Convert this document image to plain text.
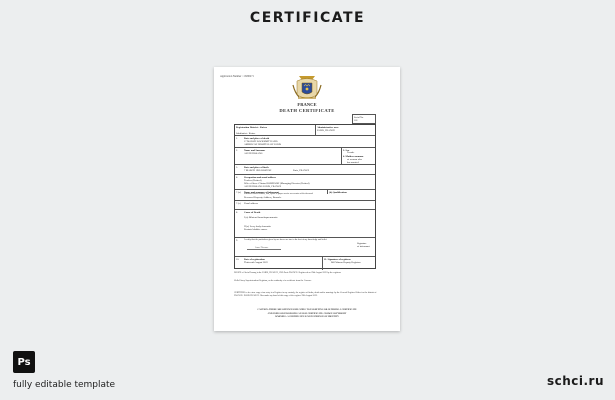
CERTIFICATE
Application Number : 15280271
FRANCE
DEATH CERTIFICATE
Serial No.
101
Registration District : Kaiser	Administrative area
PARIS, FRANCE
Subdistrict : Kaiser
1. Date and place of death
17 MARCH LOCKSMITH AND
AMERICAN HOSPITAL OF PARIS
2. Name and Surname
ALVIN HOSANG
3. Sex
Female
4. Maiden surname
of woman who
has married
5. Date and place of birth
7 MARCH 1985 BOSTON	Paris, FRANCE
6. Occupation and usual address
Teacher (Retired)
Wife of Steve Clinton ROBINSON (Managing Director (Retired)
ALVIN HOSANG PARIS, FRANCE
7.(a) Name and surname of informant
Elizabeth Edwin Hudson, Son, Spoke at prayer service as executor of the deceased
Deceased Property Address, Brussels
(b) Qualification
7.(c) Usual address
8. Cause of Death
I (a) Bilateral bronchopneumonia
II (a) Lewy body dementia
Prostate bladder cancer
9.	I certify that the particulars given by me above are true to the best of my knowledge and belief
Jane Thomas
Signature
of informant
10. Date of registration
Thirteenth August 2022
11. Signature of registrar
Bill Watson Deputy Registrar
DEATH of Alvin Hosang in the PARIS, FRANCE, 1985 Paris FRANCE. Registered on 29th August 2022 by the registrar.
Wells Priory Superintendent Registrar, on the authority of a certificate from the Coroner.
CERTIFIED to be a true copy of an entry in a Register in my custody, the register of births, death and/or marriage by the General Register Office for the district of FRANCE. PARIS FRANCE. Hereunder my hand of this copy of the register 29th August 2022.
CAUTION: THERE ARE OFFENCES RELATING TO FALSIFYING OR ALTERING A CERTIFICATE
AND USING OR POSSESSING A FALSE CERTIFICATE. CROWN COPYRIGHT
WARNING: A CERTIFICATE IS NOT EVIDENCE OF IDENTITY
Ps
fully editable template	schci.ru
